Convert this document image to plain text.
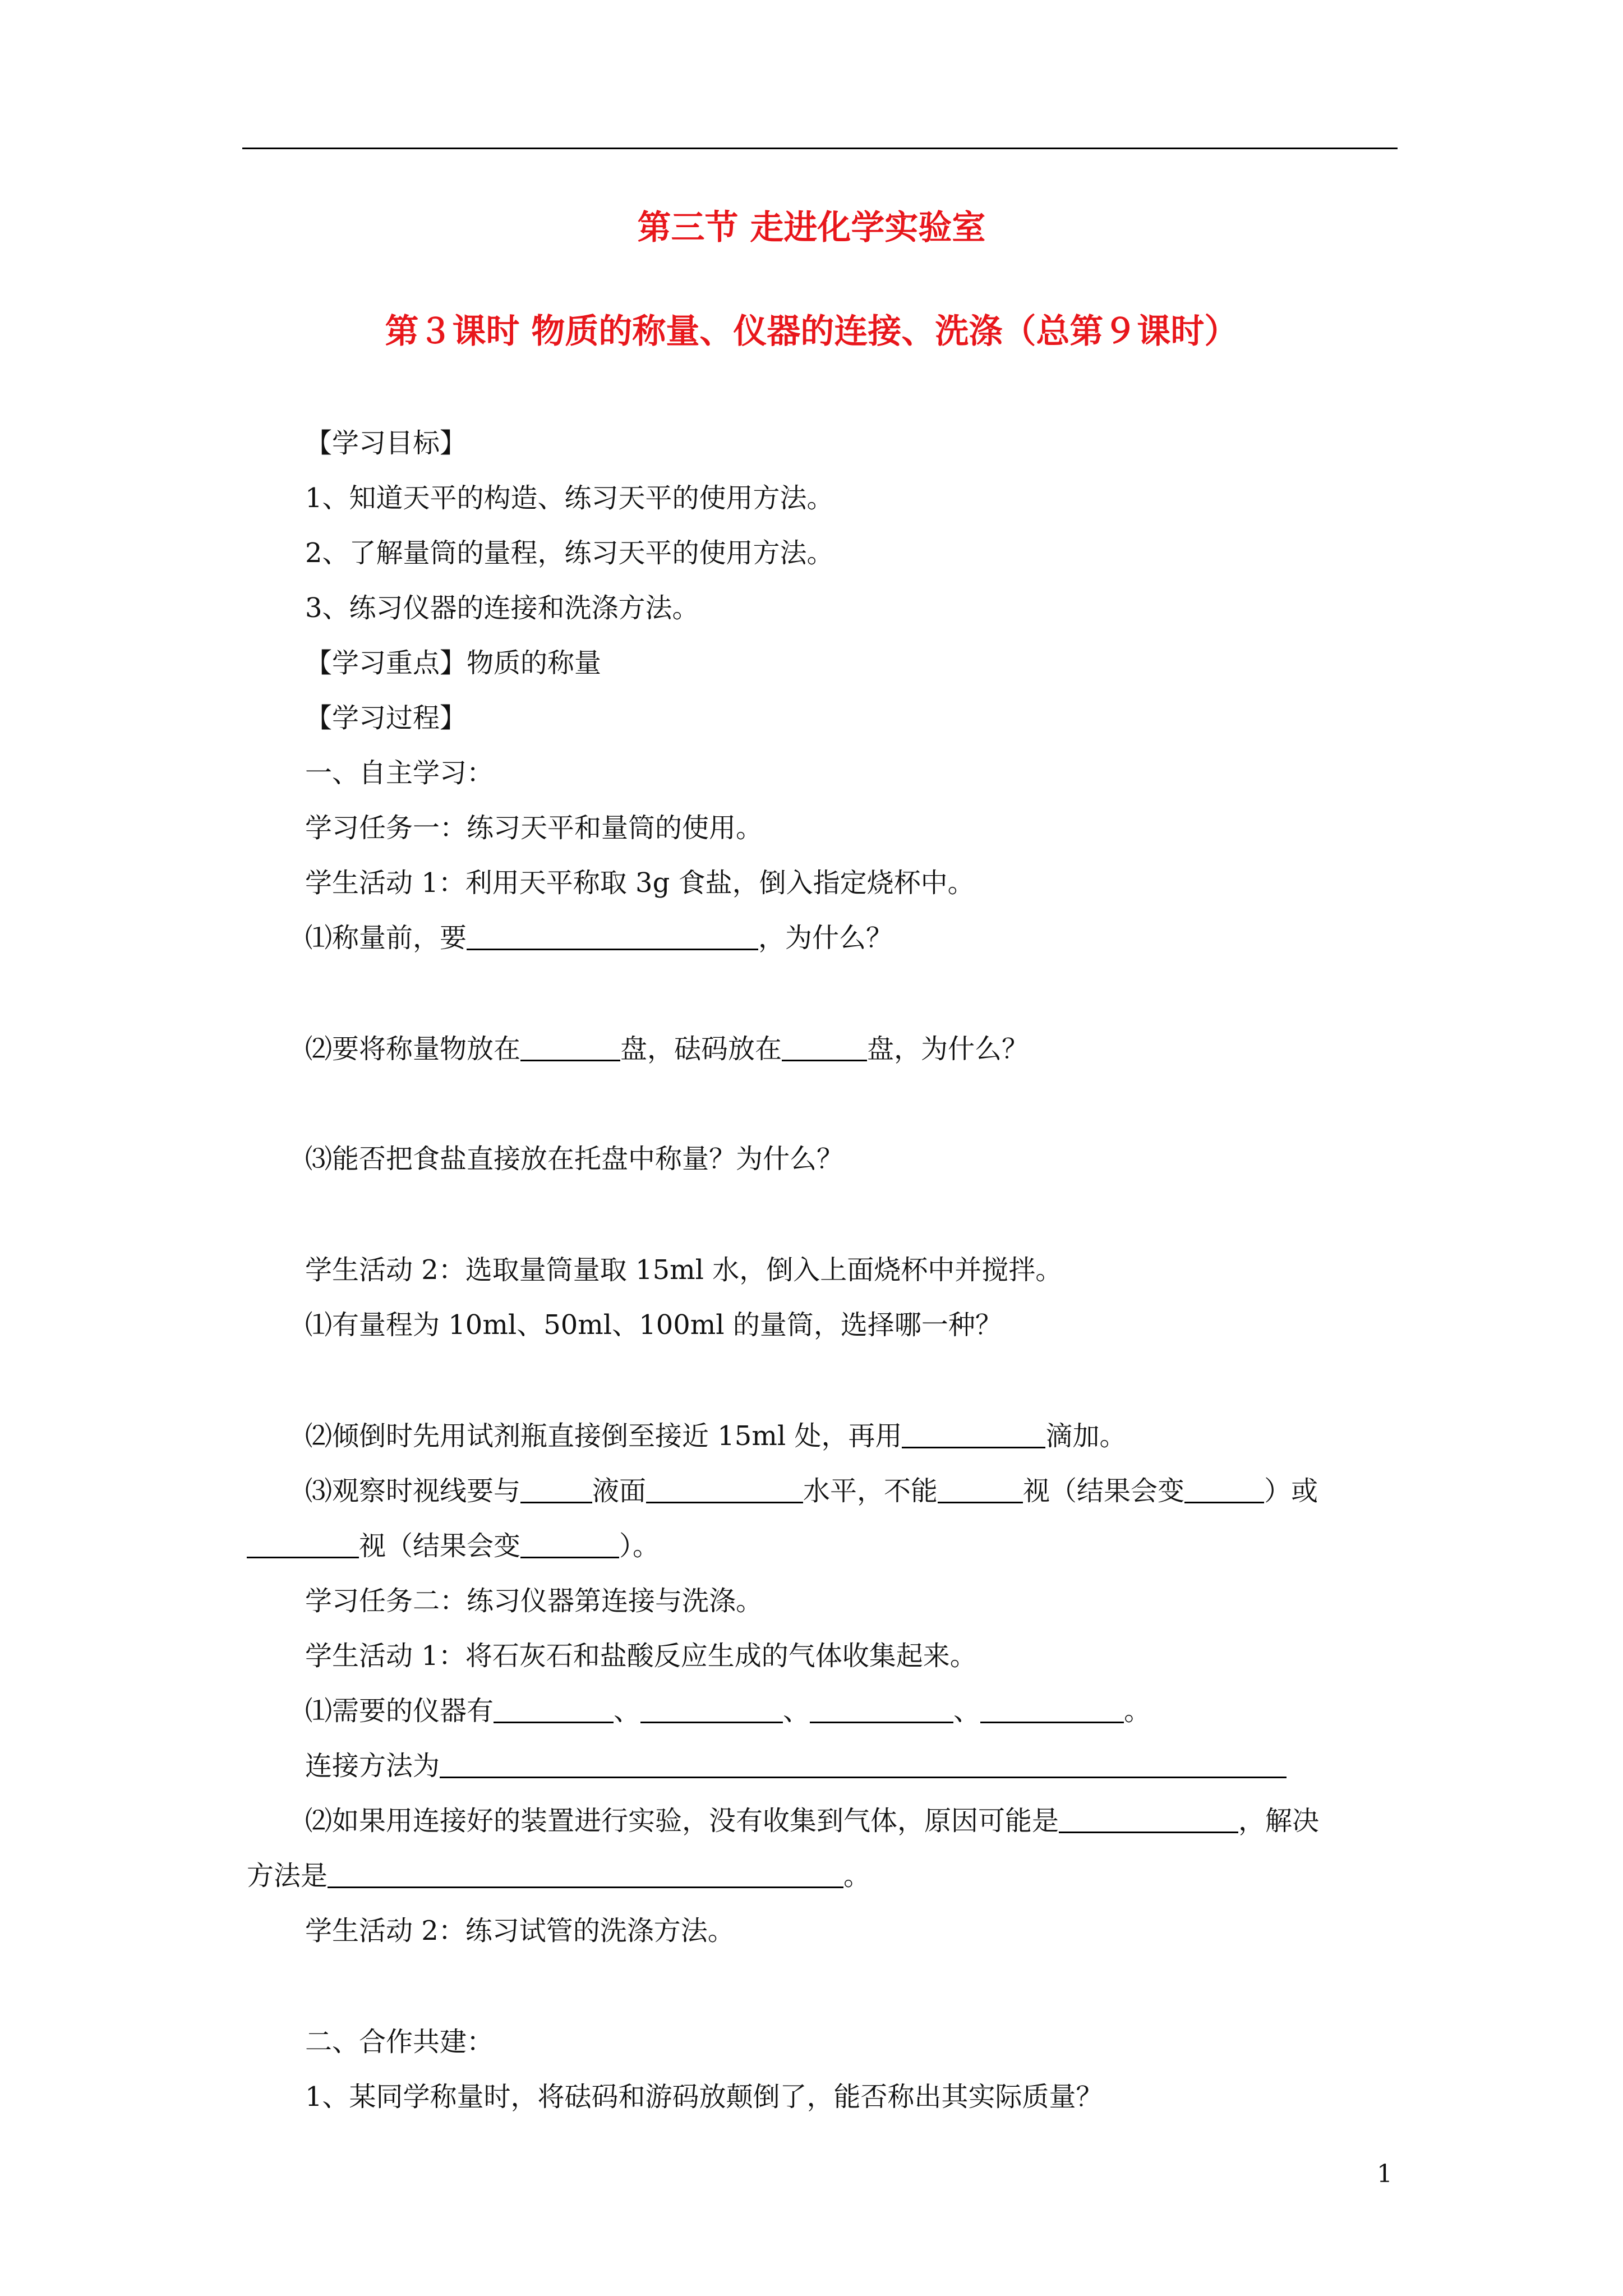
第三节 走进化学实验室
第３课时 物质的称量、仪器的连接、洗涤（总第９课时）
【学习目标】
1、知道天平的构造、练习天平的使用方法。
2、了解量筒的量程，练习天平的使用方法。
3、练习仪器的连接和洗涤方法。
【学习重点】物质的称量
【学习过程】
一、自主学习：
学习任务一：练习天平和量筒的使用。
学生活动 1：利用天平称取 3g 食盐，倒入指定烧杯中。
⑴称量前，要	，为什么？
⑵要将称量物放在	盘，砝码放在	盘，为什么？
⑶能否把食盐直接放在托盘中称量？为什么？
学生活动 2：选取量筒量取 15ml 水，倒入上面烧杯中并搅拌。
⑴有量程为 10ml、50ml、100ml 的量筒，选择哪一种？
⑵倾倒时先用试剂瓶直接倒至接近 15ml 处，再用	滴加。
⑶观察时视线要与	液面	水平，不能	视（结果会变	）或
视（结果会变	）。
学习任务二：练习仪器第连接与洗涤。
学生活动 1：将石灰石和盐酸反应生成的气体收集起来。
⑴需要的仪器有	、	、	、	。
连接方法为
⑵如果用连接好的装置进行实验，没有收集到气体，原因可能是	，解决
方法是	。
学生活动 2：练习试管的洗涤方法。
二、合作共建：
1、某同学称量时，将砝码和游码放颠倒了，能否称出其实际质量？
1
